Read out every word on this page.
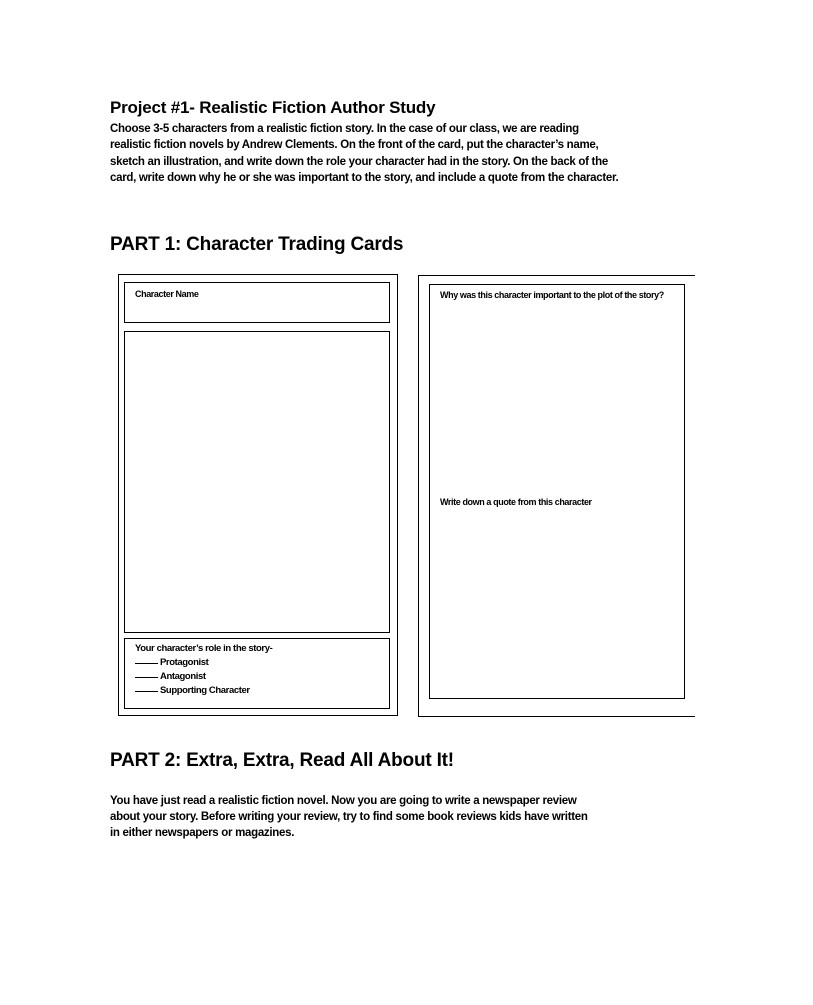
Project #1- Realistic Fiction Author Study
Choose 3-5 characters from a realistic fiction story. In the case of our class, we are reading realistic fiction novels by Andrew Clements. On the front of the card, put the character’s name, sketch an illustration, and write down the role your character had in the story. On the back of the card, write down why he or she was important to the story, and include a quote from the character.
PART 1: Character Trading Cards
Character Name
Your character’s role in the story-
Protagonist
Antagonist
Supporting Character
Why was this character important to the plot of the story?
Write down a quote from this character
PART 2: Extra, Extra, Read All About It!
You have just read a realistic fiction novel. Now you are going to write a newspaper review about your story. Before writing your review, try to find some book reviews kids have written in either newspapers or magazines.
